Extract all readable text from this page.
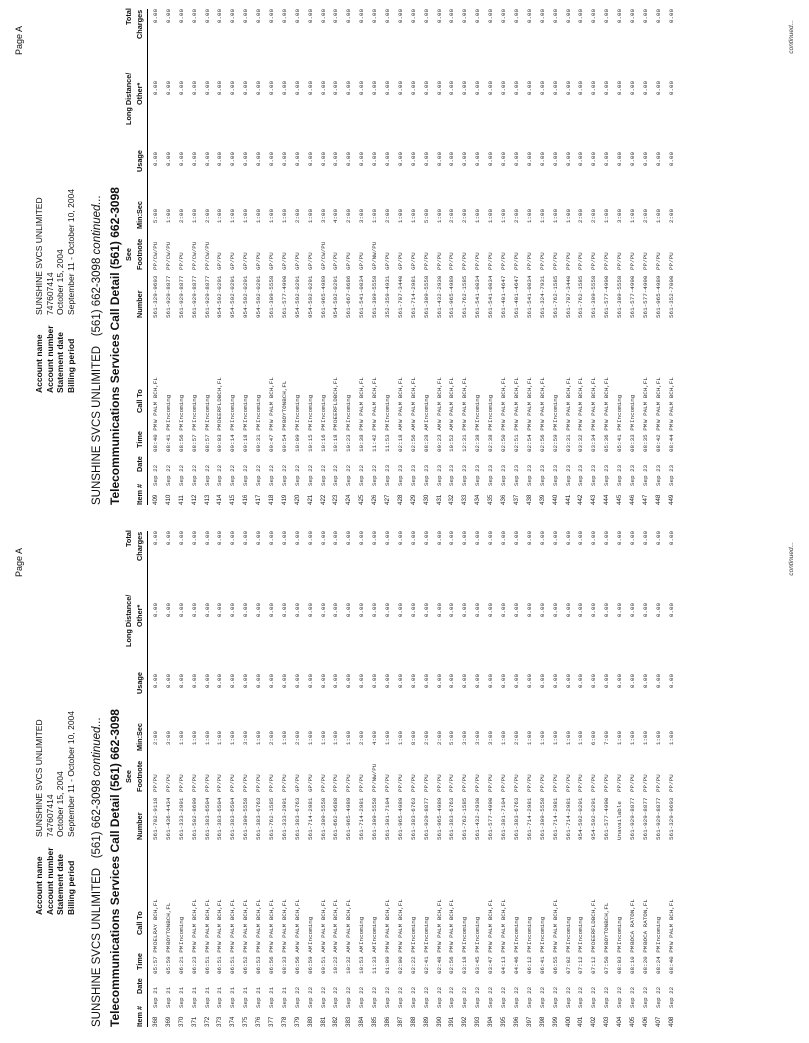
Page A
Account name
SUNSHINE SVCS UNLIMITED
Account number
747607414
Statement date
October 15, 2004
Billing period
September 11 - October 10, 2004
SUNSHINE SVCS UNLIMITED   (561) 662-3098 continued... Telecommunications Services Call Detail (561) 662-3098 Item #
Date
Time
Call To
Number
See Footnote
Min:Sec
Usage
Long Distance/ Other*
Total Charges
368
Sep 21
05:57 PM
DELRAY BCH,FL
561-702-9118
PP/PU
2:00
0.00
0.00
0.00
369
Sep 21
05:59 PM
BOYTONBCH,FL
561-436-4434
PP/PU
3:00
0.00
0.00
0.00
370
Sep 21
06:21 PM
Incoming
561-333-2991
PP/PU
1:00
0.00
0.00
0.00
371
Sep 21
06:23 PM
W PALM BCH,FL
561-502-8699
PP/PU
1:00
0.00
0.00
0.00
372
Sep 21
06:51 PM
W PALM BCH,FL
561-383-6504
PP/PU
1:00
0.00
0.00
0.00
373
Sep 21
06:51 PM
W PALM BCH,FL
561-383-6504
PP/PU
1:00
0.00
0.00
0.00
374
Sep 21
06:51 PM
W PALM BCH,FL
561-383-6504
PP/PU
1:00
0.00
0.00
0.00
375
Sep 21
06:52 PM
W PALM BCH,FL
561-309-5558
PP/PU
3:00
0.00
0.00
0.00
376
Sep 21
06:53 PM
W PALM BCH,FL
561-383-6763
PP/PU
1:00
0.00
0.00
0.00
377
Sep 21
06:56 PM
W PALM BCH,FL
561-762-1585
PP/PU
2:00
0.00
0.00
0.00
378
Sep 21
08:33 PM
W PALM BCH,FL
561-333-2991
PP/PU
1:00
0.00
0.00
0.00
379
Sep 22
06:56 AM
W PALM BCH,FL
561-383-6763
GP/PU
2:00
0.00
0.00
0.00
380
Sep 22
06:59 AM
Incoming
561-714-2981
GP/PU
1:00
0.00
0.00
0.00
381
Sep 22
09:51 AM
W PALM BCH,FL
561-309-5558
PP/PU
1:00
0.00
0.00
0.00
382
Sep 22
10:22 AM
W PALM BCH,FL
561-662-6688
PP/PU
1:00
0.00
0.00
0.00
383
Sep 22
10:32 AM
W PALM BCH,FL
561-965-4989
PP/PU
1:00
0.00
0.00
0.00
384
Sep 22
10:53 AM
Incoming
561-714-2981
PP/PU
2:00
0.00
0.00
0.00
385
Sep 22
11:33 AM
Incoming
561-309-5558
PP/NW/PU
4:00
0.00
0.00
0.00
386
Sep 22
01:09 PM
W PALM BCH,FL
561-301-7104
PP/PU
1:00
0.00
0.00
0.00
387
Sep 22
02:00 PM
W PALM BCH,FL
561-965-4989
PP/PU
1:00
0.00
0.00
0.00
388
Sep 22
02:22 PM
Incoming
561-383-6763
PP/PU
8:00
0.00
0.00
0.00
389
Sep 22
02:41 PM
Incoming
561-929-8877
PP/PU
2:00
0.00
0.00
0.00
390
Sep 22
02:48 PM
W PALM BCH,FL
561-965-4989
PP/PU
2:00
0.00
0.00
0.00
391
Sep 22
02:56 PM
W PALM BCH,FL
561-383-6763
PP/PU
5:00
0.00
0.00
0.00
392
Sep 22
03:18 PM
Incoming
561-762-1585
PP/PU
3:00
0.00
0.00
0.00
393
Sep 22
03:45 PM
Incoming
561-432-2930
PP/PU
3:00
0.00
0.00
0.00
394
Sep 22
03:47 PM
W PALM BCH,FL
561-577-4990
PP/PU
3:00
0.00
0.00
0.00
395
Sep 22
04:13 PM
W PALM BCH,FL
561-301-7104
PP/PU
1:00
0.00
0.00
0.00
396
Sep 22
04:46 PM
Incoming
561-383-6763
PP/PU
2:00
0.00
0.00
0.00
397
Sep 22
06:12 PM
Incoming
561-714-2981
PP/PU
1:00
0.00
0.00
0.00
398
Sep 22
06:41 PM
Incoming
561-309-5558
PP/PU
1:00
0.00
0.00
0.00
399
Sep 22
06:55 PM
W PALM BCH,FL
561-714-2981
PP/PU
1:00
0.00
0.00
0.00
400
Sep 22
07:02 PM
Incoming
561-714-2981
PP/PU
1:00
0.00
0.00
0.00
401
Sep 22
07:12 PM
Incoming
954-592-0291
PP/PU
1:00
0.00
0.00
0.00
402
Sep 22
07:12 PM
DEERFLDBCH,FL
954-592-0291
PP/PU
6:00
0.00
0.00
0.00
403
Sep 22
07:50 PM
BOYTONBCH,FL
561-577-4990
PP/PU
7:00
0.00
0.00
0.00
404
Sep 22
08:03 PM
Incoming
Unavailable
PP/PU
1:00
0.00
0.00
0.00
405
Sep 22
08:10 PM
BOCA RATON,FL
561-929-8877
PP/PU
1:00
0.00
0.00
0.00
406
Sep 22
08:20 PM
BOCA RATON,FL
561-929-8877
PP/PU
1:00
0.00
0.00
0.00
407
Sep 22
08:24 PM
Incoming
561-929-8877
PP/PU
1:00
0.00
0.00
0.00
408
Sep 22
08:40 PM
W PALM BCH,FL
561-329-9693
PP/PU
1:00
0.00
0.00
0.00
continued...
Page A
Account name
SUNSHINE SVCS UNLIMITED
Account number
747607414
Statement date
October 15, 2004
Billing period
September 11 - October 10, 2004
SUNSHINE SVCS UNLIMITED   (561) 662-3098 continued... Telecommunications Services Call Detail (561) 662-3098 Item #
Date
Time
Call To
Number
See Footnote
Min:Sec
Usage
Long Distance/ Other*
Total Charges
409
Sep 22
08:40 PM
W PALM BCH,FL
561-329-9693
PP/CW/PU
5:00
0.00
0.00
0.00
410
Sep 22
08:41 PM
Incoming
561-929-8877
PP/CW/PU
1:00
0.00
0.00
0.00
411
Sep 22
08:56 PM
Incoming
561-929-8877
PP/PU
2:00
0.00
0.00
0.00
412
Sep 22
08:57 PM
Incoming
561-929-8877
PP/CW/PU
1:00
0.00
0.00
0.00
413
Sep 22
08:57 PM
Incoming
561-929-8877
PP/CW/PU
2:00
0.00
0.00
0.00
414
Sep 22
09:03 PM
DEERFLDBCH,FL
954-592-0291
GP/PU
1:00
0.00
0.00
0.00
415
Sep 22
09:14 PM
Incoming
954-592-0291
GP/PU
1:00
0.00
0.00
0.00
416
Sep 22
09:18 PM
Incoming
954-592-0291
GP/PU
1:00
0.00
0.00
0.00
417
Sep 22
09:31 PM
Incoming
954-592-0291
GP/PU
1:00
0.00
0.00
0.00
418
Sep 22
09:47 PM
W PALM BCH,FL
561-309-5558
GP/PU
1:00
0.00
0.00
0.00
419
Sep 22
09:54 PM
BOYTONBCH,FL
561-577-4990
GP/PU
1:00
0.00
0.00
0.00
420
Sep 22
10:09 PM
Incoming
954-592-0291
GP/PU
2:00
0.00
0.00
0.00
421
Sep 22
10:15 PM
Incoming
954-592-0291
GP/PU
1:00
0.00
0.00
0.00
422
Sep 22
10:16 PM
Incoming
561-965-4989
GP/CW/PU
3:00
0.00
0.00
0.00
423
Sep 22
10:18 PM
DEERFLDBCH,FL
954-592-0291
GP/PU
4:00
0.00
0.00
0.00
424
Sep 22
10:23 PM
Incoming
561-667-8686
GP/PU
2:00
0.00
0.00
0.00
425
Sep 22
10:38 PM
W PALM BCH,FL
561-541-0034
GP/PU
3:00
0.00
0.00
0.00
426
Sep 22
11:42 PM
W PALM BCH,FL
561-309-5558
GP/NW/PU
1:00
0.00
0.00
0.00
427
Sep 23
11:53 PM
Incoming
352-359-4931
GP/PU
2:00
0.00
0.00
0.00
428
Sep 23
02:18 AM
W PALM BCH,FL
561-707-3440
GP/PU
1:00
0.00
0.00
0.00
429
Sep 23
02:56 AM
W PALM BCH,FL
561-714-2981
GP/PU
1:00
0.00
0.00
0.00
430
Sep 23
08:28 AM
Incoming
561-309-5558
PP/PU
5:00
0.00
0.00
0.00
431
Sep 23
09:23 AM
W PALM BCH,FL
561-432-2930
PP/PU
1:00
0.00
0.00
0.00
432
Sep 23
10:52 AM
W PALM BCH,FL
561-965-4989
PP/PU
2:00
0.00
0.00
0.00
433
Sep 23
12:31 PM
W PALM BCH,FL
561-762-1585
PP/PU
2:00
0.00
0.00
0.00
434
Sep 23
02:38 PM
Incoming
561-541-0034
PP/PU
1:00
0.00
0.00
0.00
435
Sep 23
02:38 PM
Incoming
561-541-0034
PP/PU
1:00
0.00
0.00
0.00
436
Sep 23
02:50 PM
W PALM BCH,FL
561-401-4647
PP/PU
1:00
0.00
0.00
0.00
437
Sep 23
02:51 PM
W PALM BCH,FL
561-401-4647
PP/PU
2:00
0.00
0.00
0.00
438
Sep 23
02:54 PM
W PALM BCH,FL
561-541-0034
PP/PU
1:00
0.00
0.00
0.00
439
Sep 23
02:56 PM
W PALM BCH,FL
561-324-7931
PP/PU
1:00
0.00
0.00
0.00
440
Sep 23
02:59 PM
Incoming
561-762-1585
PP/PU
1:00
0.00
0.00
0.00
441
Sep 23
03:31 PM
W PALM BCH,FL
561-707-3440
PP/PU
1:00
0.00
0.00
0.00
442
Sep 23
03:32 PM
W PALM BCH,FL
561-762-1585
PP/PU
2:00
0.00
0.00
0.00
443
Sep 23
03:34 PM
W PALM BCH,FL
561-309-5558
PP/PU
2:00
0.00
0.00
0.00
444
Sep 23
05:36 PM
W PALM BCH,FL
561-577-4990
PP/PU
1:00
0.00
0.00
0.00
445
Sep 23
05:41 PM
Incoming
561-309-5558
PP/PU
3:00
0.00
0.00
0.00
446
Sep 23
08:33 PM
Incoming
561-577-4990
PP/PU
1:00
0.00
0.00
0.00
447
Sep 23
08:35 PM
W PALM BCH,FL
561-577-4990
PP/PU
2:00
0.00
0.00
0.00
448
Sep 23
08:42 PM
W PALM BCH,FL
561-965-4989
PP/PU
1:00
0.00
0.00
0.00
449
Sep 23
08:44 PM
W PALM BCH,FL
561-352-7000
PP/PU
2:00
0.00
0.00
0.00
continued...
